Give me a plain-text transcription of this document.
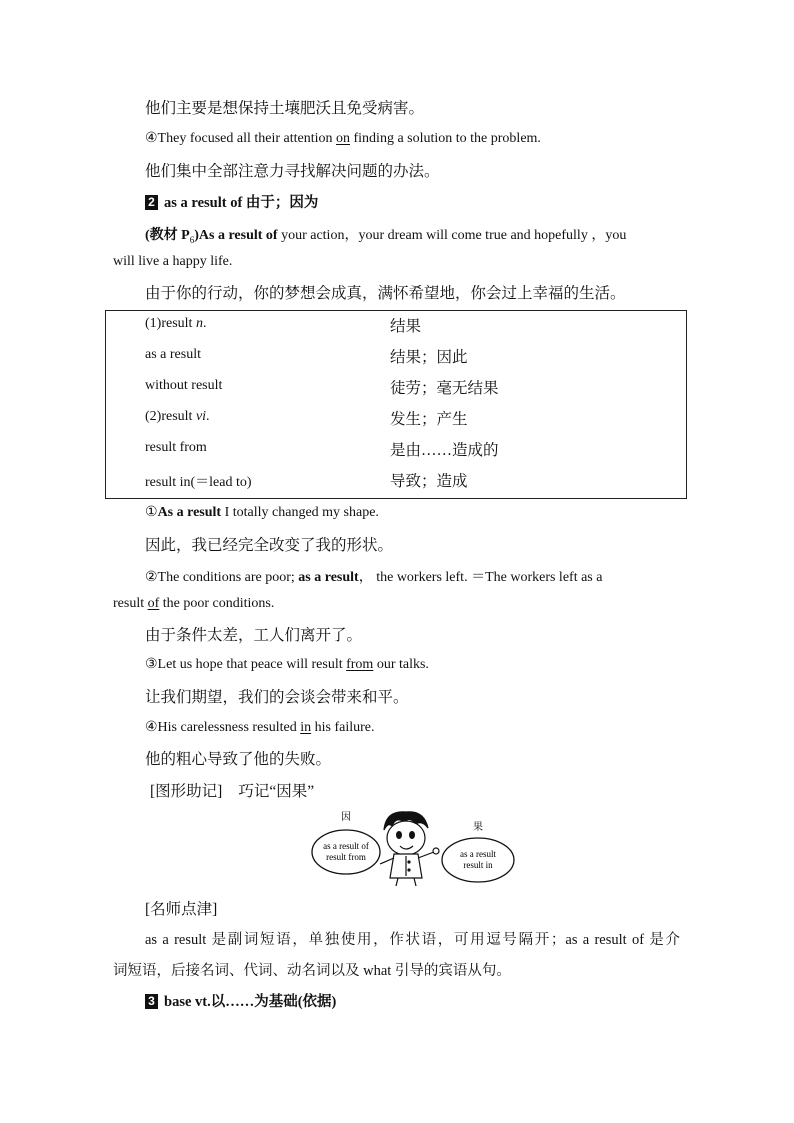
他们主要是想保持土壤肥沃且免受病害。
④They focused all their attention on finding a solution to the problem.
他们集中全部注意力寻找解决问题的办法。
2 as a result of 由于；因为
(教材 $P_6)As$ a result of your action，your dream will come true and hopefully ，you
will live a happy life.
由于你的行动，你的梦想会成真，满怀希望地，你会过上幸福的生活。
(1)result n.	结果
as a result	结果；因此
without result	徒劳；毫无结果
(2)result vi.	发生；产生
result from	是由……造成的
result in(＝lead to)	导致；造成
①As a result I totally changed my shape.
因此，我已经完全改变了我的形状。
②The conditions are poor; as a result， the workers left. ＝The workers left as a
result of the poor conditions.
由于条件太差，工人们离开了。
③Let us hope that peace will result from our talks.
让我们期望，我们的会谈会带来和平。
④His carelessness resulted in his failure.
他的粗心导致了他的失败。
[图形助记] 巧记“因果”
因
as a result of
result from
果
as a result
result in
[名师点津]
as a result 是副词短语，单独使用，作状语，可用逗号隔开；as a result of 是介
词短语，后接名词、代词、动名词以及 what 引导的宾语从句。
3 base vt.以……为基础(依据)
